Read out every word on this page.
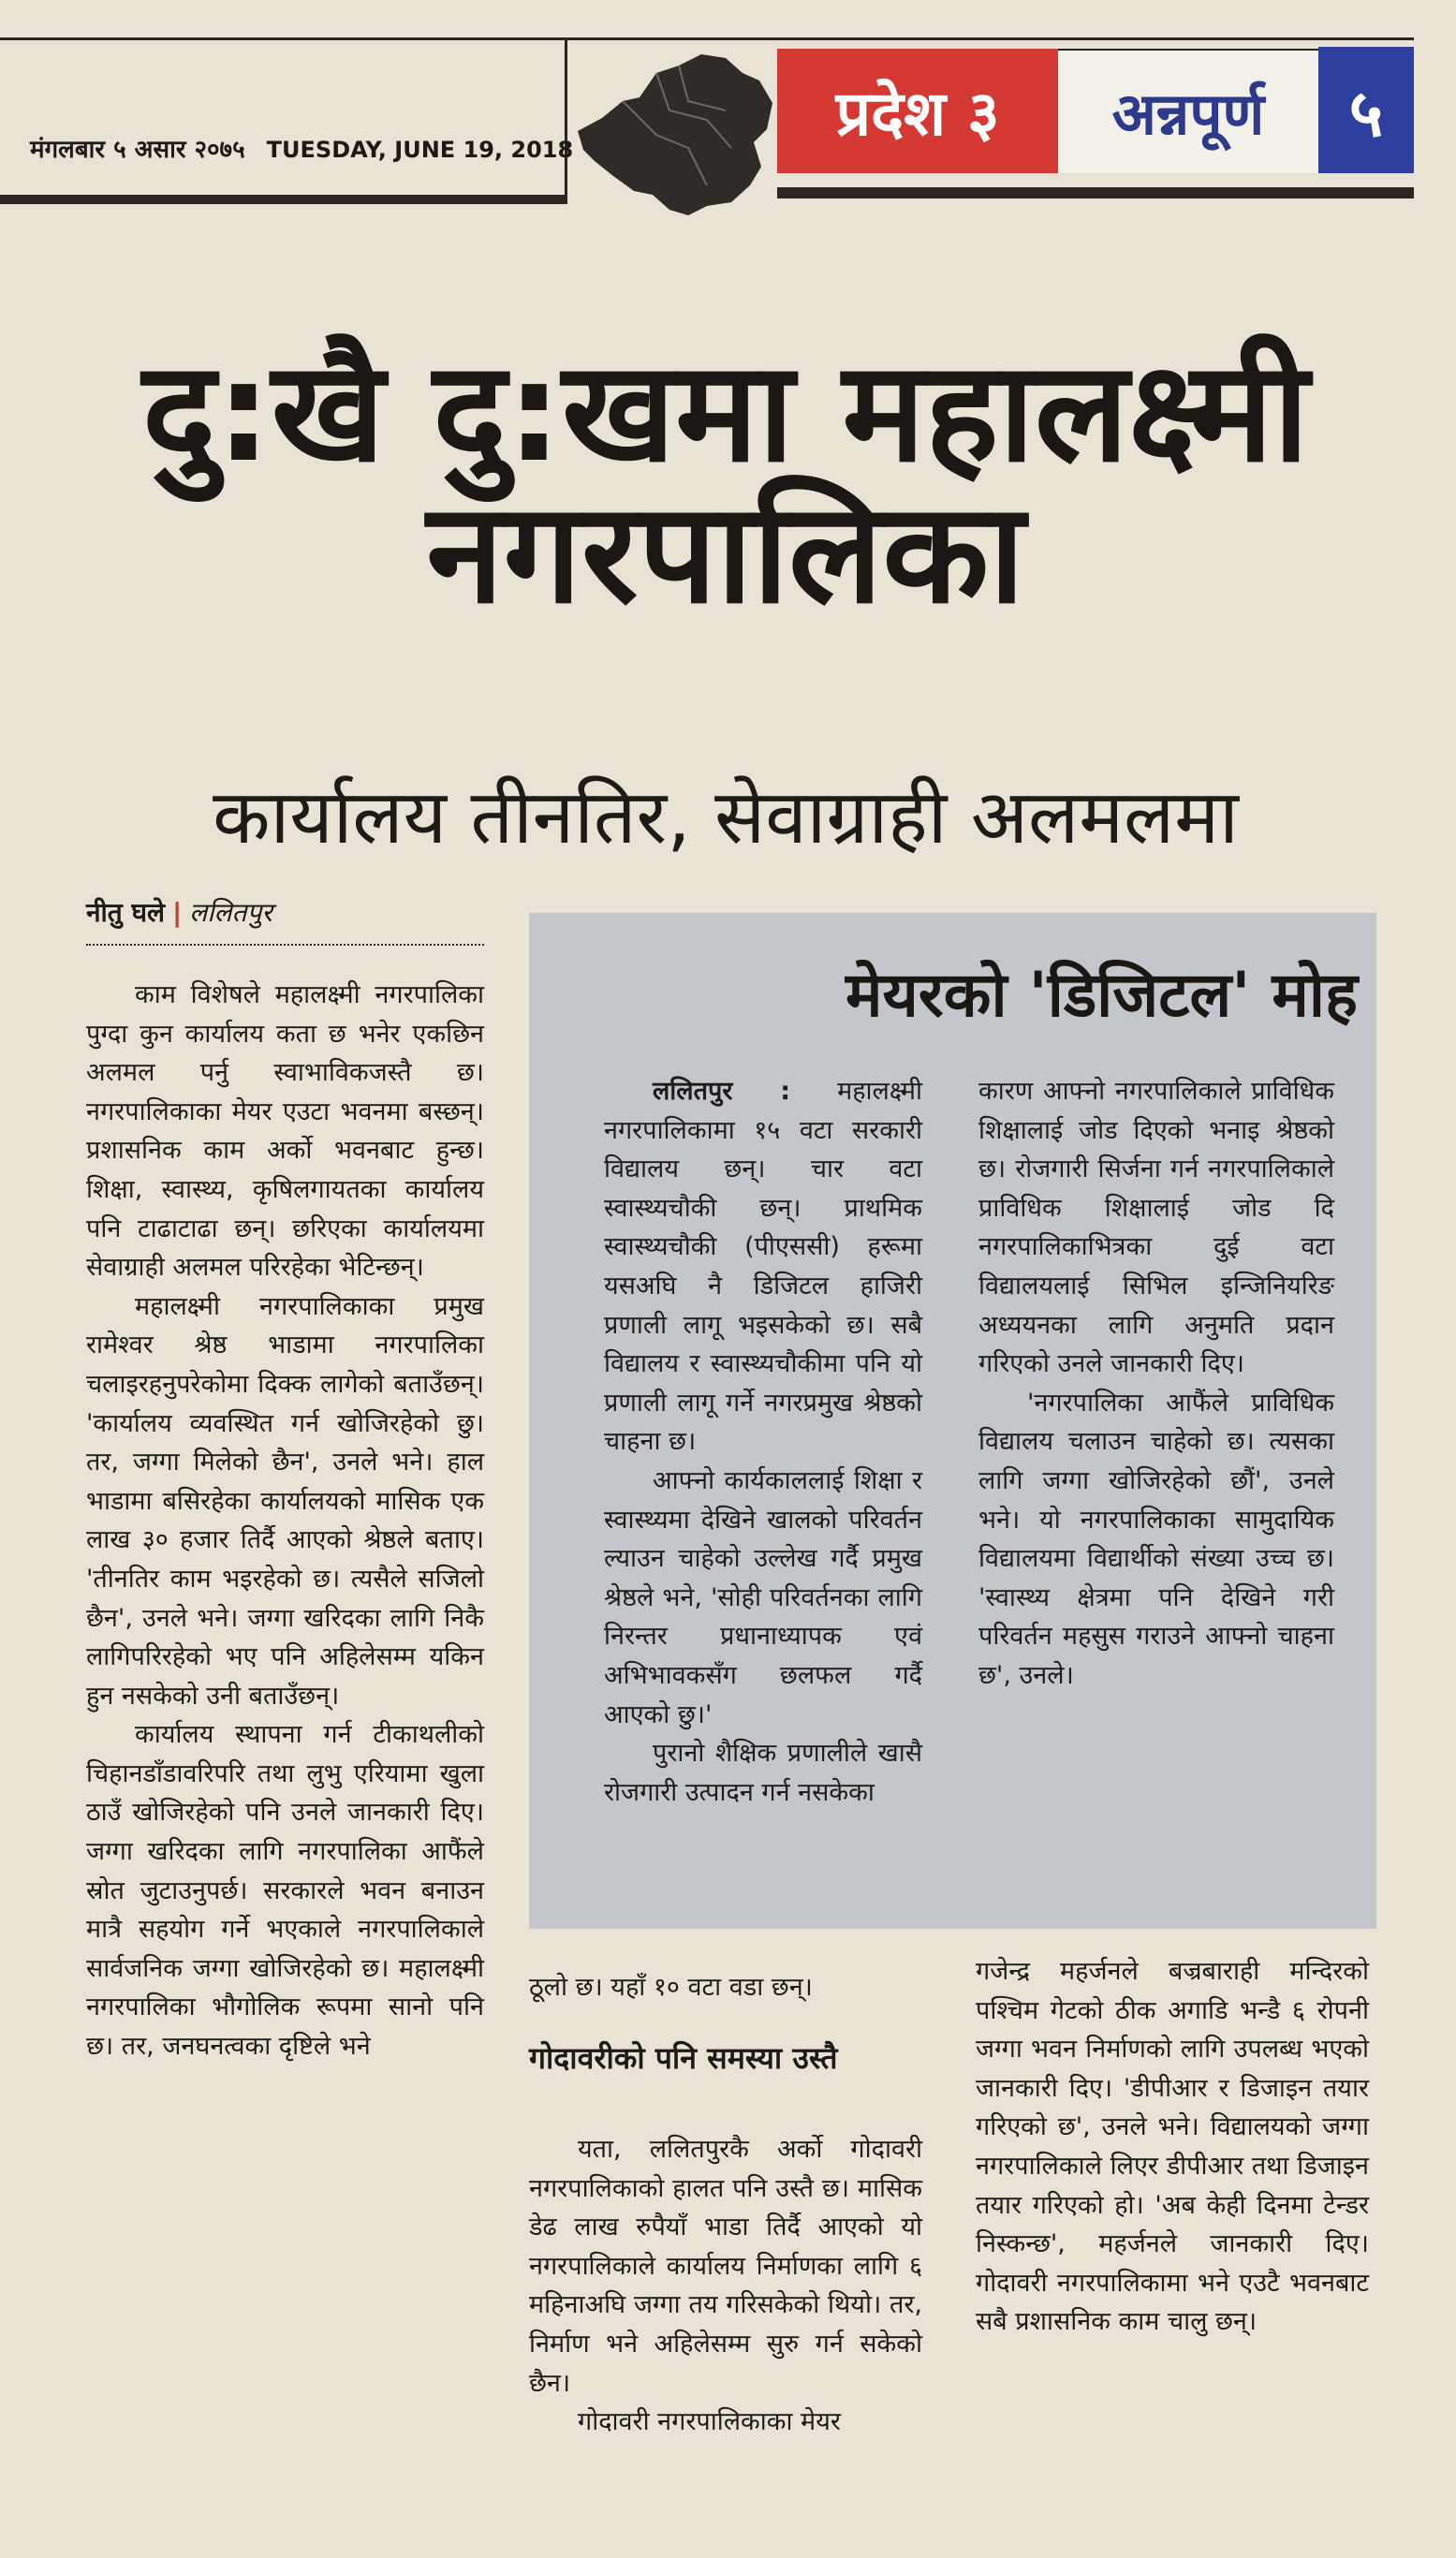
मंगलबार ५ असार २०७५ TUESDAY, JUNE 19, 2018
प्रदेश ३	अन्नपूर्ण	५
दु:खै दु:खमा महालक्ष्मी
नगरपालिका
कार्यालय तीनतिर, सेवाग्राही अलमलमा
नीतु घले | ललितपुर

काम विशेषले महालक्ष्मी नगरपालिका पुग्दा कुन कार्यालय कता छ भनेर एकछिन अलमल पर्नु स्वाभाविकजस्तै छ। नगरपालिकाका मेयर एउटा भवनमा बस्छन्। प्रशासनिक काम अर्को भवनबाट हुन्छ। शिक्षा, स्वास्थ्य, कृषिलगायतका कार्यालय पनि टाढाटाढा छन्। छरिएका कार्यालयमा सेवाग्राही अलमल परिरहेका भेटिन्छन्।

महालक्ष्मी नगरपालिकाका प्रमुख रामेश्वर श्रेष्ठ भाडामा नगरपालिका चलाइरहनुपरेकोमा दिक्क लागेको बताउँछन्। 'कार्यालय व्यवस्थित गर्न खोजिरहेको छु। तर, जग्गा मिलेको छैन', उनले भने। हाल भाडामा बसिरहेका कार्यालयको मासिक एक लाख ३० हजार तिर्दै आएको श्रेष्ठले बताए। 'तीनतिर काम भइरहेको छ। त्यसैले सजिलो छैन', उनले भने। जग्गा खरिदका लागि निकै लागिपरिरहेको भए पनि अहिलेसम्म यकिन हुन नसकेको उनी बताउँछन्।

कार्यालय स्थापना गर्न टीकाथलीको चिहानडाँडावरिपरि तथा लुभु एरियामा खुला ठाउँ खोजिरहेको पनि उनले जानकारी दिए। जग्गा खरिदका लागि नगरपालिका आफैंले स्रोत जुटाउनुपर्छ। सरकारले भवन बनाउन मात्रै सहयोग गर्ने भएकाले नगरपालिकाले सार्वजनिक जग्गा खोजिरहेको छ। महालक्ष्मी नगरपालिका भौगोलिक रूपमा सानो पनि छ। तर, जनघनत्वका दृष्टिले भने

मेयरको 'डिजिटल' मोह

ललितपुर : महालक्ष्मी नगरपालिकामा १५ वटा सरकारी विद्यालय छन्। चार वटा स्वास्थ्यचौकी छन्। प्राथमिक स्वास्थ्यचौकी (पीएससी) हरूमा यसअघि नै डिजिटल हाजिरी प्रणाली लागू भइसकेको छ। सबै विद्यालय र स्वास्थ्यचौकीमा पनि यो प्रणाली लागू गर्ने नगरप्रमुख श्रेष्ठको चाहना छ।

आफ्नो कार्यकाललाई शिक्षा र स्वास्थ्यमा देखिने खालको परिवर्तन ल्याउन चाहेको उल्लेख गर्दै प्रमुख श्रेष्ठले भने, 'सोही परिवर्तनका लागि निरन्तर प्रधानाध्यापक एवं अभिभावकसँग छलफल गर्दै आएको छु।'

पुरानो शैक्षिक प्रणालीले खासै रोजगारी उत्पादन गर्न नसकेका

कारण आफ्नो नगरपालिकाले प्राविधिक शिक्षालाई जोड दिएको भनाइ श्रेष्ठको छ। रोजगारी सिर्जना गर्न नगरपालिकाले प्राविधिक शिक्षालाई जोड दि नगरपालिकाभित्रका दुई वटा विद्यालयलाई सिभिल इन्जिनियरिङ अध्ययनका लागि अनुमति प्रदान गरिएको उनले जानकारी दिए।

'नगरपालिका आफैंले प्राविधिक विद्यालय चलाउन चाहेको छ। त्यसका लागि जग्गा खोजिरहेको छौं', उनले भने। यो नगरपालिकाका सामुदायिक विद्यालयमा विद्यार्थीको संख्या उच्च छ। 'स्वास्थ्य क्षेत्रमा पनि देखिने गरी परिवर्तन महसुस गराउने आफ्नो चाहना छ', उनले।

ठूलो छ। यहाँ १० वटा वडा छन्।

गोदावरीको पनि समस्या उस्तै

यता, ललितपुरकै अर्को गोदावरी नगरपालिकाको हालत पनि उस्तै छ। मासिक डेढ लाख रुपैयाँ भाडा तिर्दै आएको यो नगरपालिकाले कार्यालय निर्माणका लागि ६ महिनाअघि जग्गा तय गरिसकेको थियो। तर, निर्माण भने अहिलेसम्म सुरु गर्न सकेको छैन।

गोदावरी नगरपालिकाका मेयर

गजेन्द्र महर्जनले बज्रबाराही मन्दिरको पश्चिम गेटको ठीक अगाडि भन्डै ६ रोपनी जग्गा भवन निर्माणको लागि उपलब्ध भएको जानकारी दिए। 'डीपीआर र डिजाइन तयार गरिएको छ', उनले भने। विद्यालयको जग्गा नगरपालिकाले लिएर डीपीआर तथा डिजाइन तयार गरिएको हो। 'अब केही दिनमा टेन्डर निस्कन्छ', महर्जनले जानकारी दिए। गोदावरी नगरपालिकामा भने एउटै भवनबाट सबै प्रशासनिक काम चालु छन्।
